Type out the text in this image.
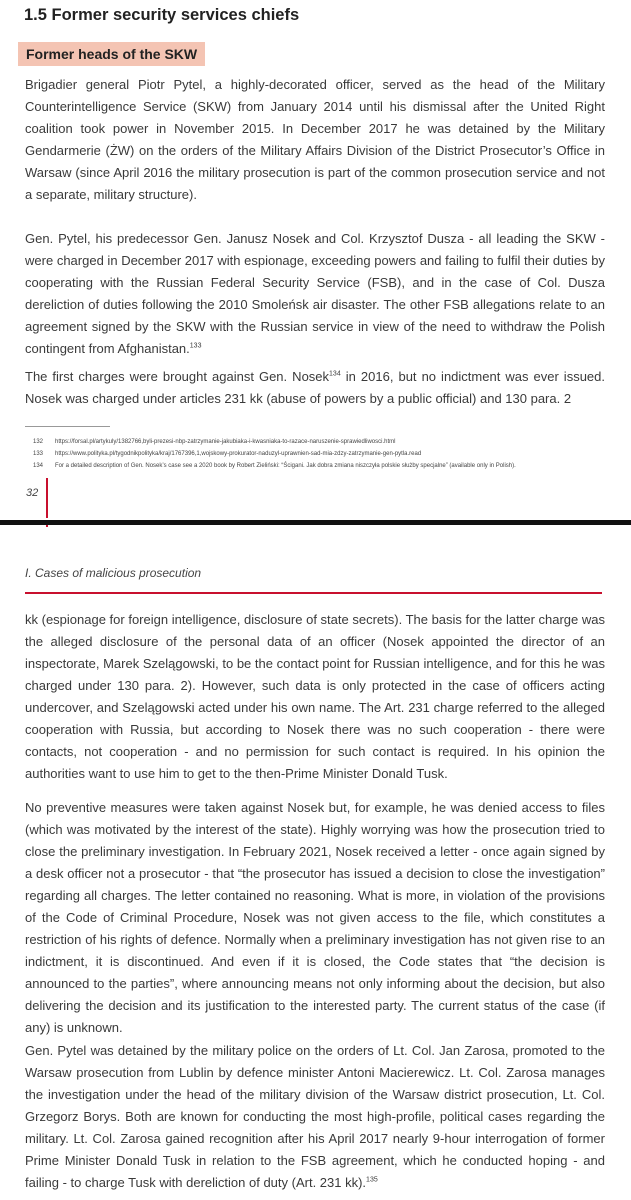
1.5 Former security services chiefs
Former heads of the SKW

Brigadier general Piotr Pytel, a highly-decorated officer, served as the head of the Military Counterintelligence Service (SKW) from January 2014 until his dismissal after the United Right coalition took power in November 2015. In December 2017 he was detained by the Military Gendarmerie (ŻW) on the orders of the Military Affairs Division of the District Prosecutor’s Office in Warsaw (since April 2016 the military prosecution is part of the common prosecution service and not a separate, military structure).

Gen. Pytel, his predecessor Gen. Janusz Nosek and Col. Krzysztof Dusza - all leading the SKW - were charged in December 2017 with espionage, exceeding powers and failing to fulfil their duties by cooperating with the Russian Federal Security Service (FSB), and in the case of Col. Dusza dereliction of duties following the 2010 Smoleńsk air disaster. The other FSB allegations relate to an agreement signed by the SKW with the Russian service in view of the need to withdraw the Polish contingent from Afghanistan.$^{133}$

The first charges were brought against Gen. Nosek$^{134}$ in 2016, but no indictment was ever issued. Nosek was charged under articles 231 kk (abuse of powers by a public official) and 130 para. 2

132	https://forsal.pl/artykuly/1382766,byli-prezesi-nbp-zatrzymanie-jakubiaka-i-kwasniaka-to-razace-naruszenie-sprawiedliwosci.html
133	https://www.polityka.pl/tygodnikpolityka/kraj/1767396,1,wojskowy-prokurator-naduzyl-uprawnien-sad-mia-zdzy-zatrzymanie-gen-pytla.read
134	For a detailed description of Gen. Nosek’s case see a 2020 book by Robert Zieliński: “Ścigani. Jak dobra zmiana niszczyła polskie służby specjalne” (available only in Polish).
32
I. Cases of malicious prosecution

kk (espionage for foreign intelligence, disclosure of state secrets). The basis for the latter charge was the alleged disclosure of the personal data of an officer (Nosek appointed the director of an inspectorate, Marek Szelągowski, to be the contact point for Russian intelligence, and for this he was charged under 130 para. 2). However, such data is only protected in the case of officers acting undercover, and Szelągowski acted under his own name. The Art. 231 charge referred to the alleged cooperation with Russia, but according to Nosek there was no such cooperation - there were contacts, not cooperation - and no permission for such contact is required. In his opinion the authorities want to use him to get to the then-Prime Minister Donald Tusk.

No preventive measures were taken against Nosek but, for example, he was denied access to files (which was motivated by the interest of the state). Highly worrying was how the prosecution tried to close the preliminary investigation. In February 2021, Nosek received a letter - once again signed by a desk officer not a prosecutor - that “the prosecutor has issued a decision to close the investigation” regarding all charges. The letter contained no reasoning. What is more, in violation of the provisions of the Code of Criminal Procedure, Nosek was not given access to the file, which constitutes a restriction of his rights of defence. Normally when a preliminary investigation has not given rise to an indictment, it is discontinued. And even if it is closed, the Code states that “the decision is announced to the parties”, where announcing means not only informing about the decision, but also delivering the decision and its justification to the interested party. The current status of the case (if any) is unknown.

Gen. Pytel was detained by the military police on the orders of Lt. Col. Jan Zarosa, promoted to the Warsaw prosecution from Lublin by defence minister Antoni Macierewicz. Lt. Col. Zarosa manages the investigation under the head of the military division of the Warsaw district prosecution, Lt. Col. Grzegorz Borys. Both are known for conducting the most high-profile, political cases regarding the military. Lt. Col. Zarosa gained recognition after his April 2017 nearly 9-hour interrogation of former Prime Minister Donald Tusk in relation to the FSB agreement, which he conducted hoping - and failing - to charge Tusk with dereliction of duty (Art. 231 kk).$^{135}$
